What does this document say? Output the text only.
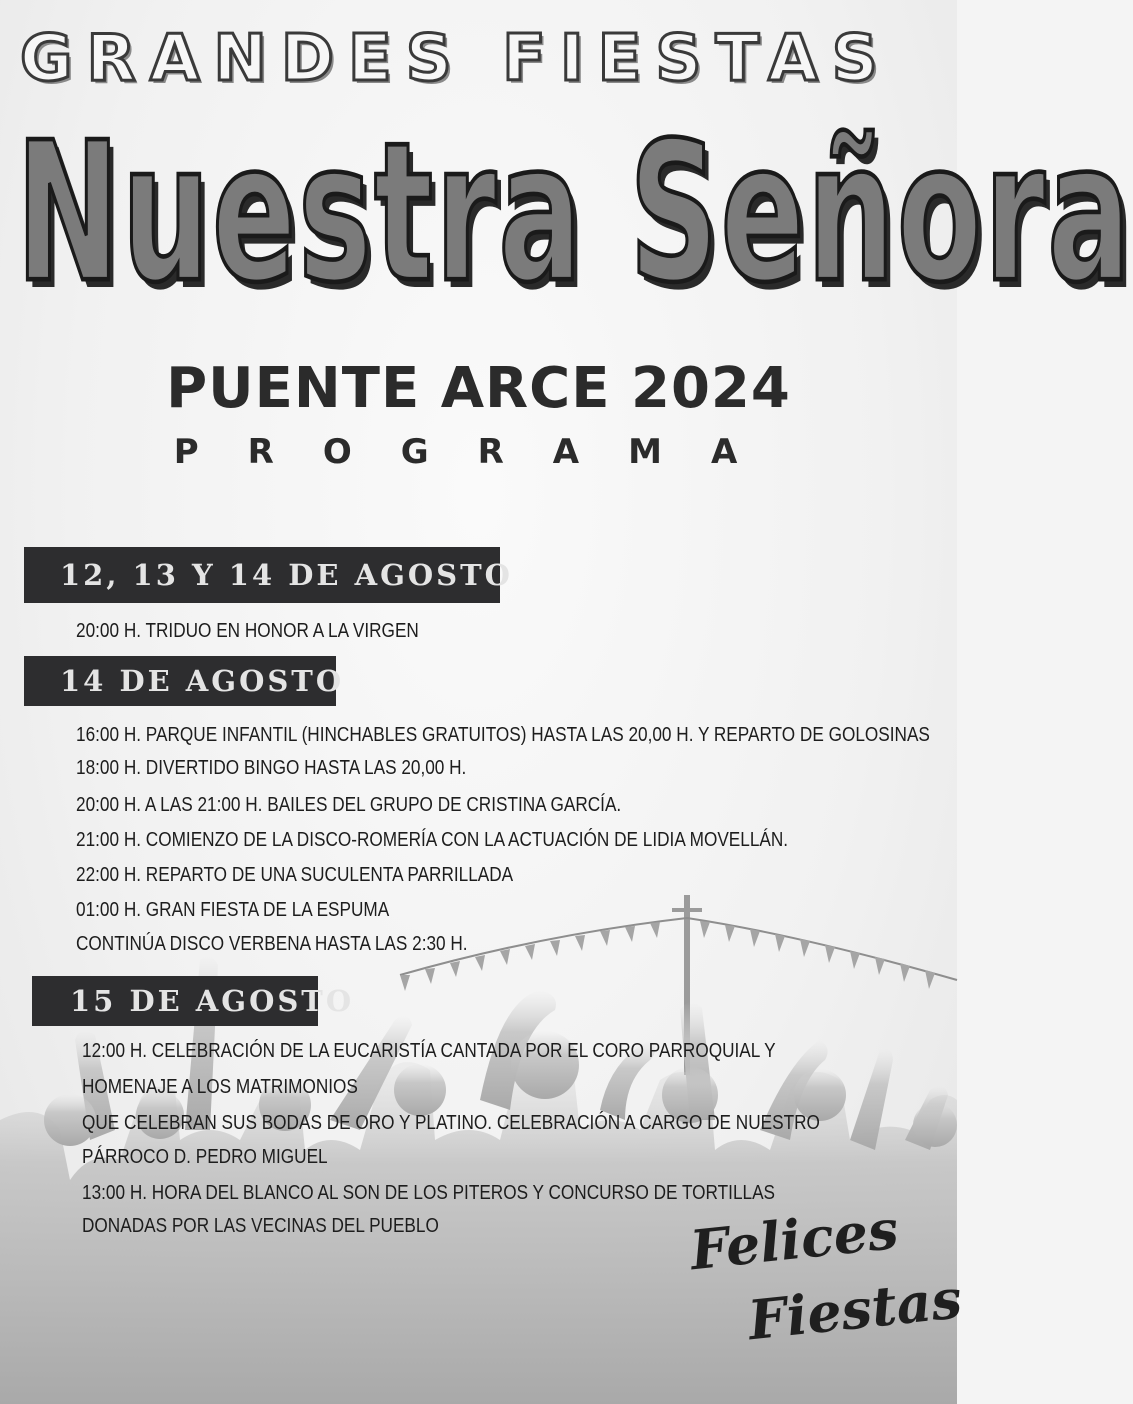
GRANDES FIESTAS
Nuestra Señora
PUENTE ARCE 2024
PROGRAMA
12, 13 Y 14 DE AGOSTO
20:00 H. TRIDUO EN HONOR A LA VIRGEN
14 DE AGOSTO
16:00 H. PARQUE INFANTIL (HINCHABLES GRATUITOS) HASTA LAS 20,00 H. Y REPARTO DE GOLOSINAS
18:00 H. DIVERTIDO BINGO HASTA LAS 20,00 H.
20:00 H. A LAS 21:00 H. BAILES DEL GRUPO DE CRISTINA GARCÍA.
21:00 H. COMIENZO DE LA DISCO-ROMERÍA CON LA ACTUACIÓN DE LIDIA MOVELLÁN.
22:00 H. REPARTO DE UNA SUCULENTA PARRILLADA
01:00 H. GRAN FIESTA DE LA ESPUMA
CONTINÚA DISCO VERBENA HASTA LAS 2:30 H.
15 DE AGOSTO
12:00 H. CELEBRACIÓN DE LA EUCARISTÍA CANTADA POR EL CORO PARROQUIAL Y
HOMENAJE A LOS MATRIMONIOS
QUE CELEBRAN SUS BODAS DE ORO Y PLATINO. CELEBRACIÓN A CARGO DE NUESTRO
PÁRROCO D. PEDRO MIGUEL
13:00 H. HORA DEL BLANCO AL SON DE LOS PITEROS Y CONCURSO DE TORTILLAS
DONADAS POR LAS VECINAS DEL PUEBLO	Felices
Fiestas
